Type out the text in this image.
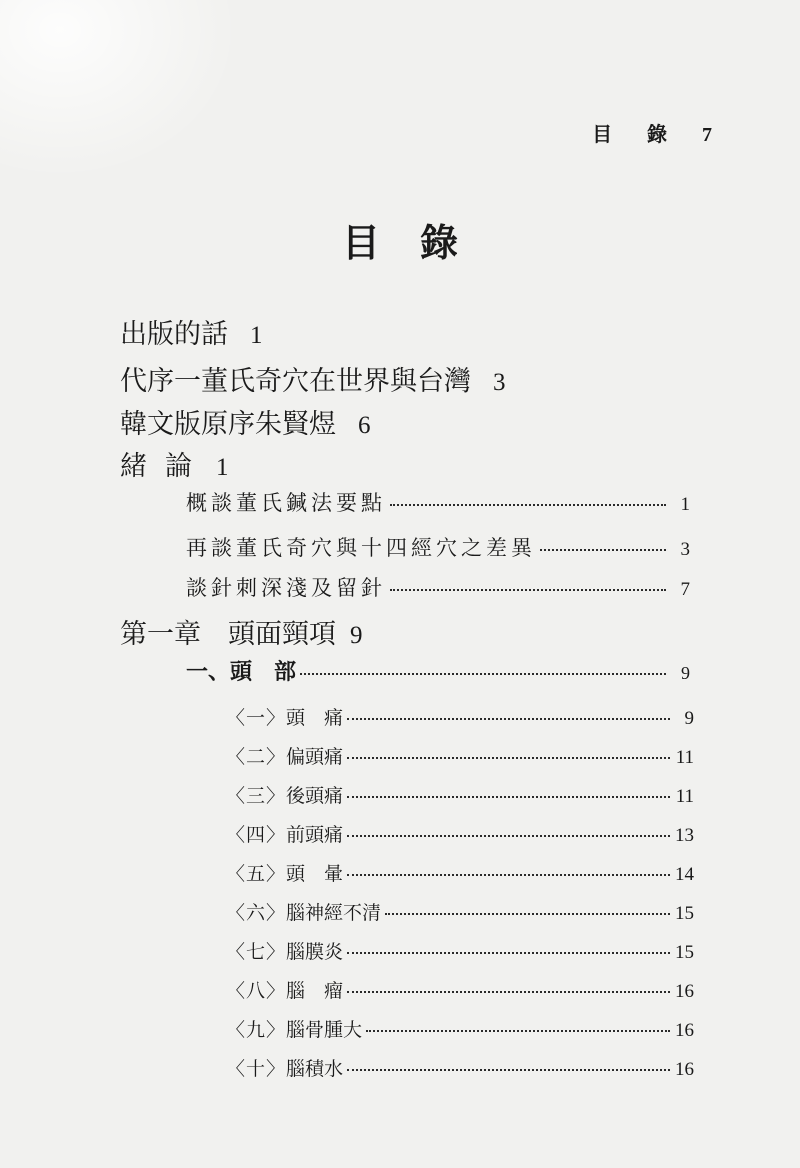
目 錄 7
目錄
出版的話 1
代序一董氏奇穴在世界與台灣 3
韓文版原序朱賢煜 6
緒論 1
概談董氏鍼法要點	1
再談董氏奇穴與十四經穴之差異	3
談針刺深淺及留針	7
第一章　頭面頸項 9
一、頭　部	9
〈一〉 頭　痛	9
〈二〉 偏頭痛	11
〈三〉 後頭痛	11
〈四〉 前頭痛	13
〈五〉 頭　暈	14
〈六〉 腦神經不清	15
〈七〉 腦膜炎	15
〈八〉 腦　瘤	16
〈九〉 腦骨腫大	16
〈十〉 腦積水	16
